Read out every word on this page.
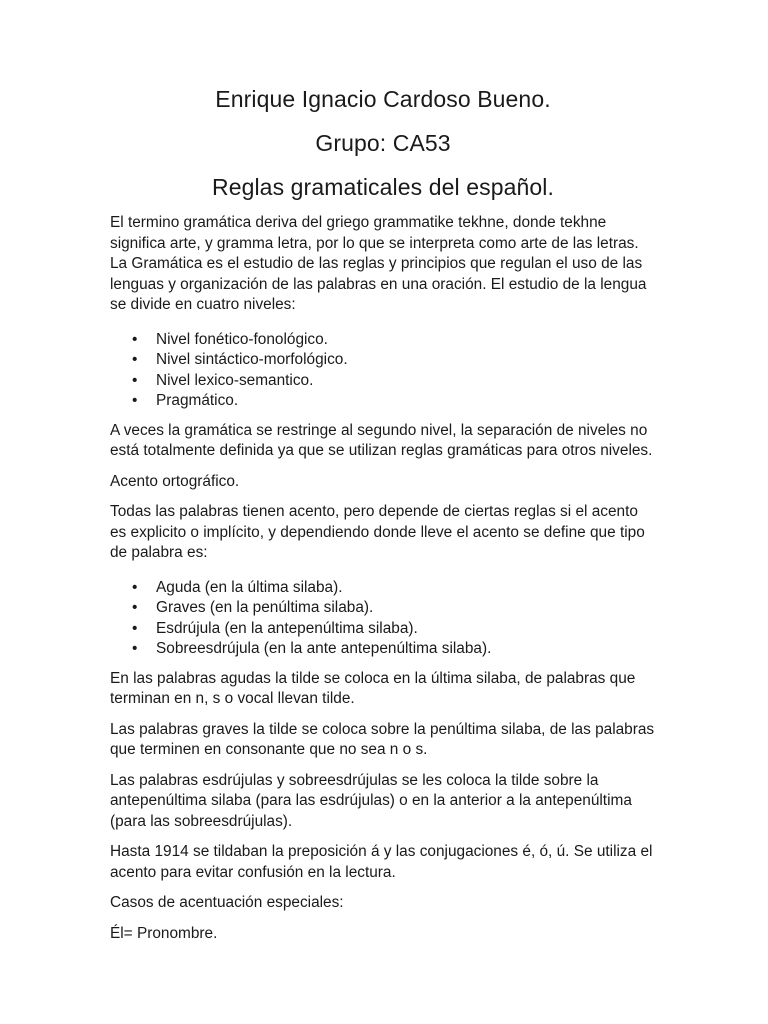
Enrique Ignacio Cardoso Bueno.
Grupo: CA53
Reglas gramaticales del español.

El termino gramática deriva del griego grammatike tekhne, donde tekhne significa arte, y gramma letra, por lo que se interpreta como arte de las letras. La Gramática es el estudio de las reglas y principios que regulan el uso de las lenguas y organización de las palabras en una oración. El estudio de la lengua se divide en cuatro niveles:

• Nivel fonético-fonológico.
• Nivel sintáctico-morfológico.
• Nivel lexico-semantico.
• Pragmático.

A veces la gramática se restringe al segundo nivel, la separación de niveles no está totalmente definida ya que se utilizan reglas gramáticas para otros niveles.

Acento ortográfico.

Todas las palabras tienen acento, pero depende de ciertas reglas si el acento es explicito o implícito, y dependiendo donde lleve el acento se define que tipo de palabra es:

• Aguda (en la última silaba).
• Graves (en la penúltima silaba).
• Esdrújula (en la antepenúltima silaba).
• Sobreesdrújula (en la ante antepenúltima silaba).

En las palabras agudas la tilde se coloca en la última silaba, de palabras que terminan en n, s o vocal llevan tilde.

Las palabras graves la tilde se coloca sobre la penúltima silaba, de las palabras que terminen en consonante que no sea n o s.

Las palabras esdrújulas y sobreesdrújulas se les coloca la tilde sobre la antepenúltima silaba (para las esdrújulas) o en la anterior a la antepenúltima (para las sobreesdrújulas).

Hasta 1914 se tildaban la preposición á y las conjugaciones é, ó, ú. Se utiliza el acento para evitar confusión en la lectura.

Casos de acentuación especiales:

Él= Pronombre.
